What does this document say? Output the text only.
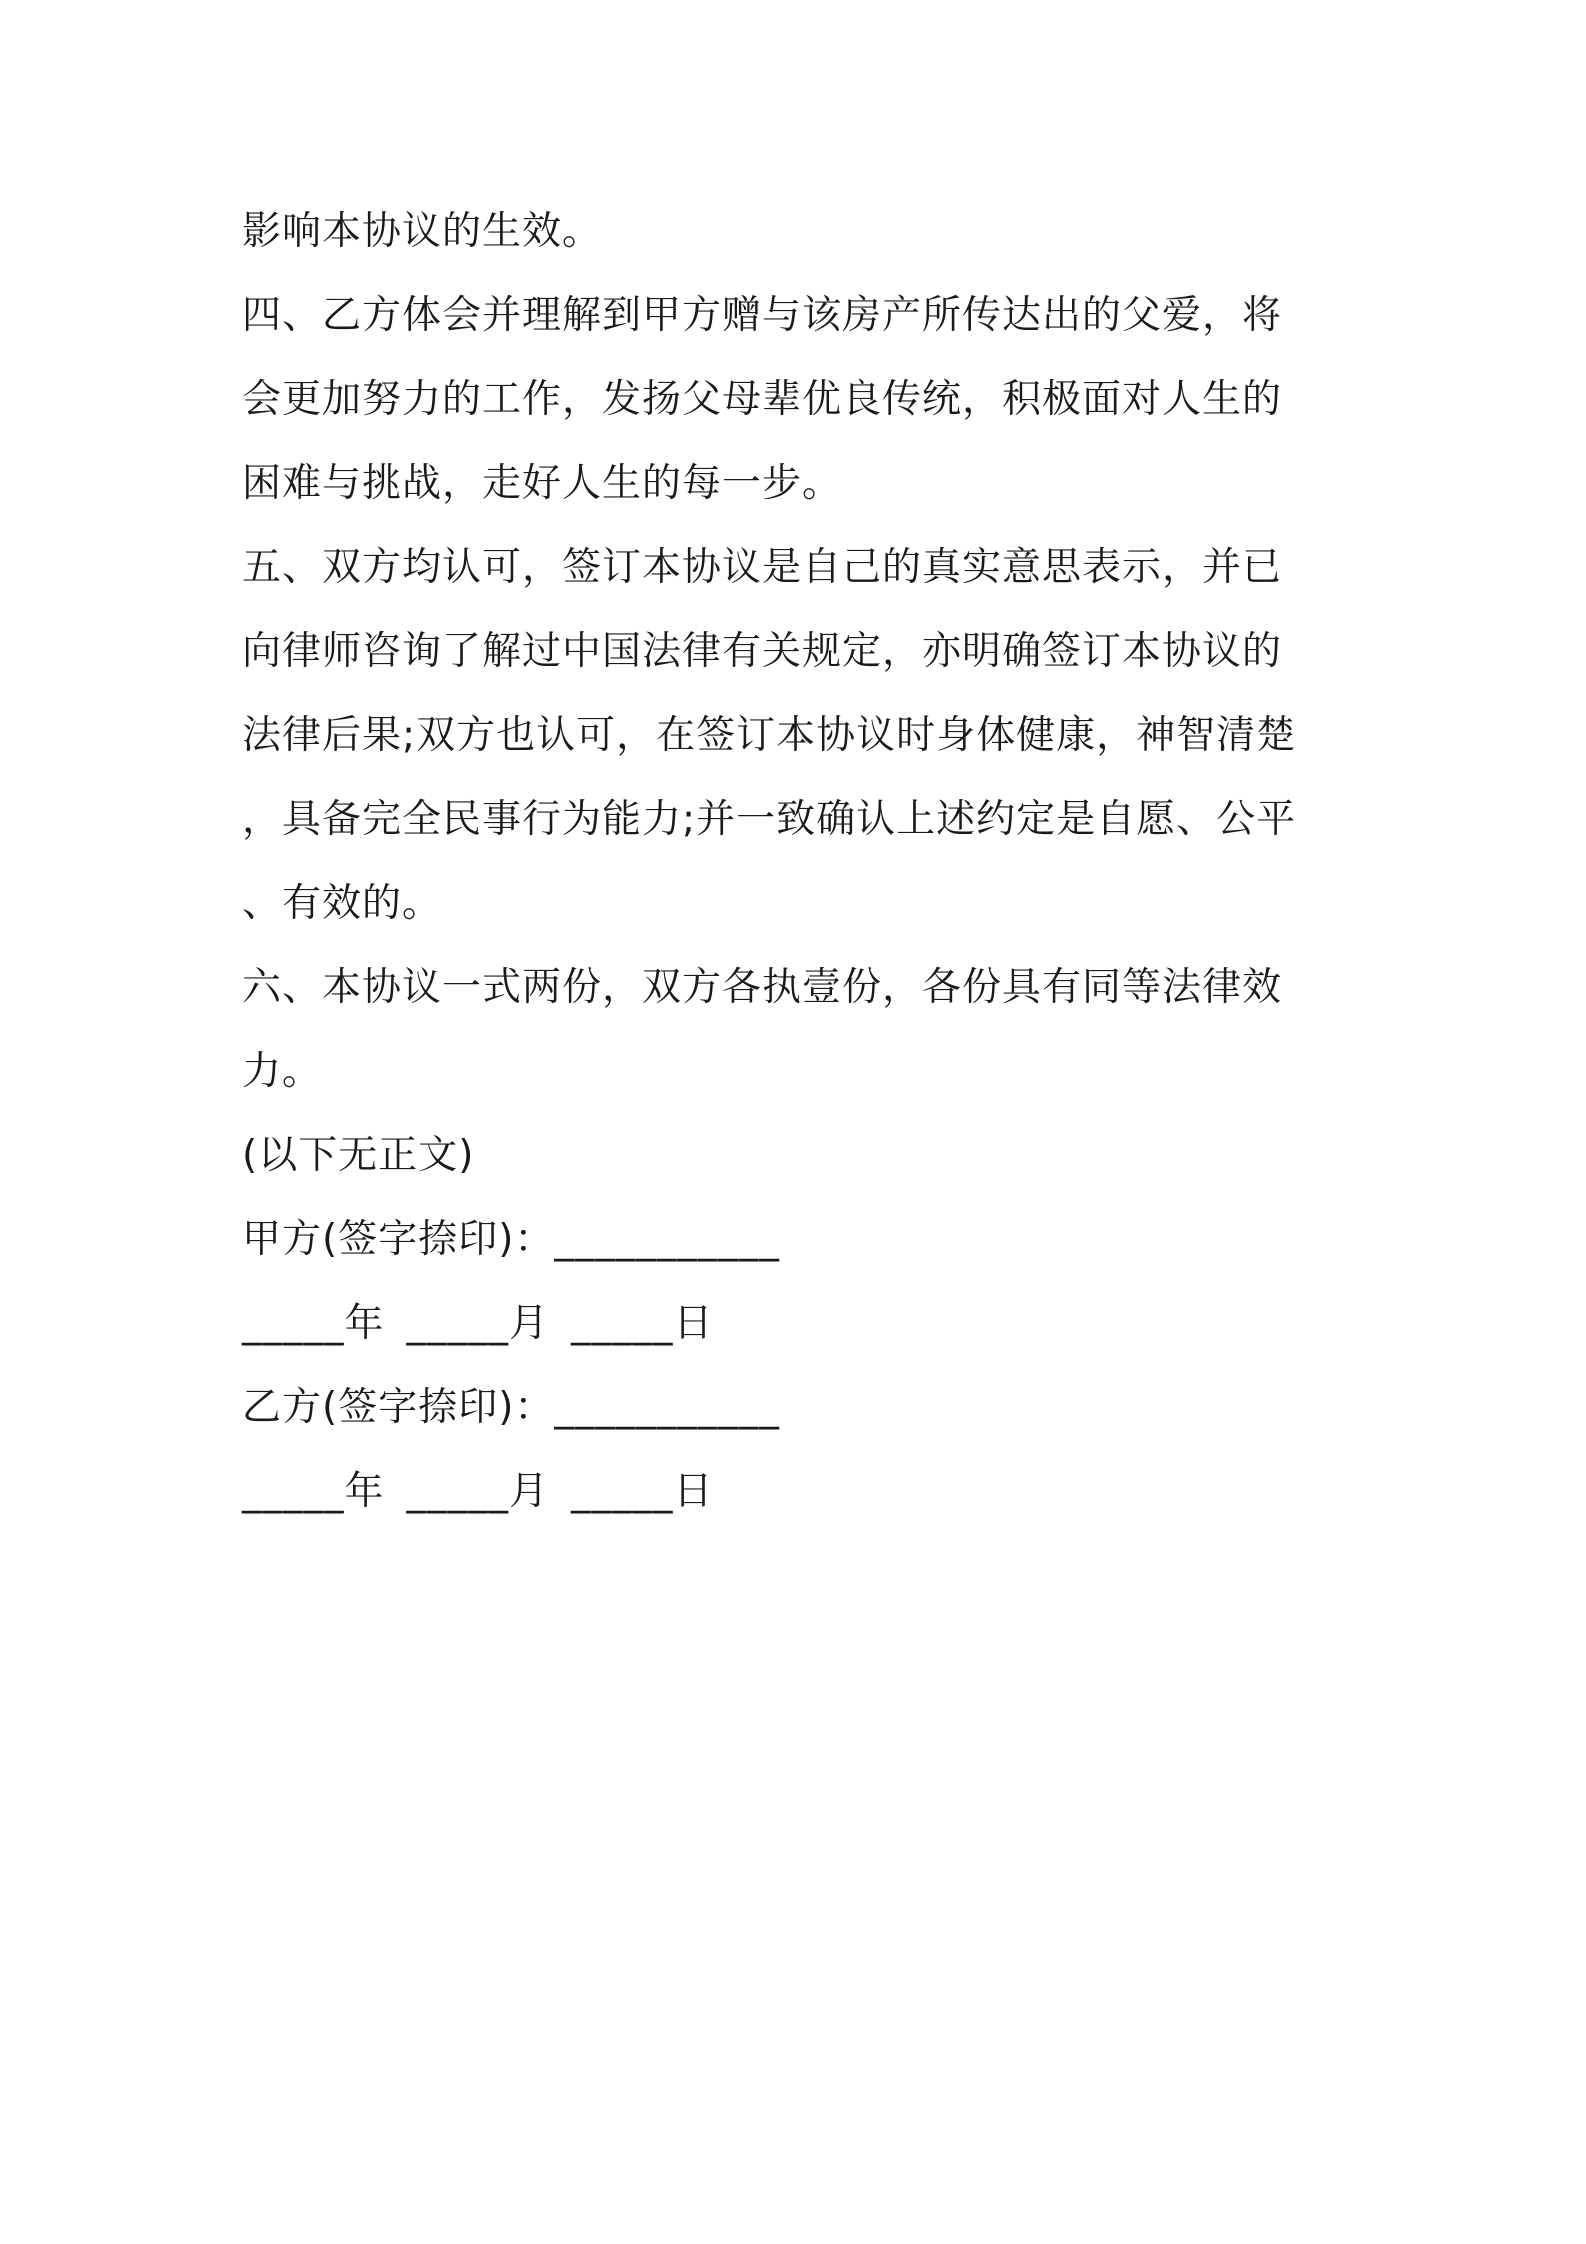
影响本协议的生效。
四、乙方体会并理解到甲方赠与该房产所传达出的父爱，将
会更加努力的工作，发扬父母辈优良传统，积极面对人生的
困难与挑战，走好人生的每一步。
五、双方均认可，签订本协议是自己的真实意思表示，并已
向律师咨询了解过中国法律有关规定，亦明确签订本协议的
法律后果;双方也认可，在签订本协议时身体健康，神智清楚
，具备完全民事行为能力;并一致确认上述约定是自愿、公平
、有效的。
六、本协议一式两份，双方各执壹份，各份具有同等法律效
力。
(以下无正文)
甲方(签字捺印)：___________
_____年 _____月 _____日
乙方(签字捺印)：___________
_____年 _____月 _____日
